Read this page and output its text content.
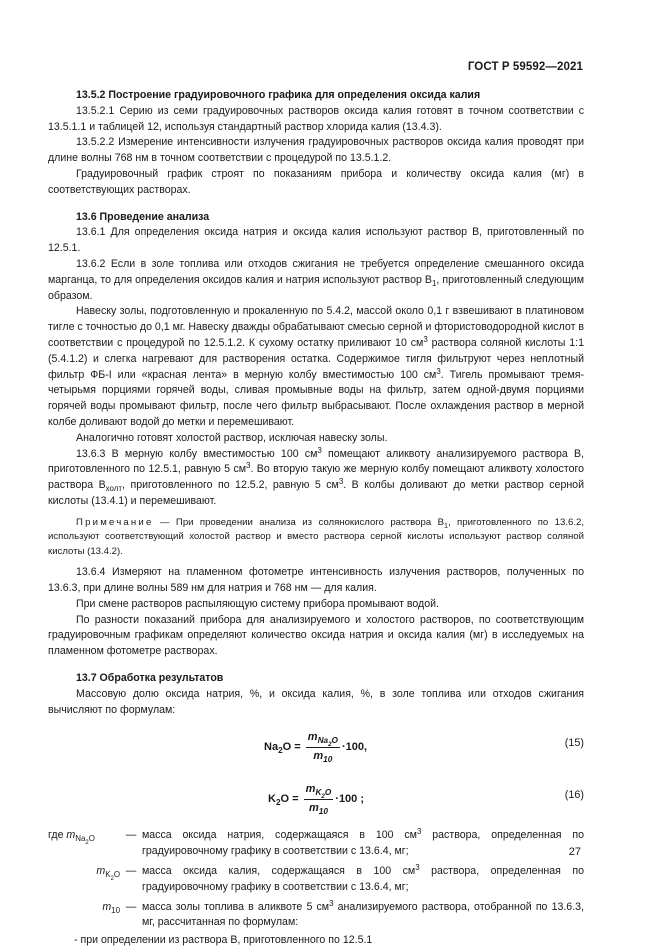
ГОСТ Р 59592—2021

13.5.2 Построение градуировочного графика для определения оксида калия

13.5.2.1 Серию из семи градуировочных растворов оксида калия готовят в точном соответствии с 13.5.1.1 и таблицей 12, используя стандартный раствор хлорида калия (13.4.3).

13.5.2.2 Измерение интенсивности излучения градуировочных растворов оксида калия проводят при длине волны 768 нм в точном соответствии с процедурой по 13.5.1.2.

Градуировочный график строят по показаниям прибора и количеству оксида калия (мг) в соответствующих растворах.

13.6 Проведение анализа

13.6.1 Для определения оксида натрия и оксида калия используют раствор В, приготовленный по 12.5.1.

13.6.2 Если в золе топлива или отходов сжигания не требуется определение смешанного оксида марганца, то для определения оксидов калия и натрия используют раствор $В_1$, приготовленный следующим образом.

Навеску золы, подготовленную и прокаленную по 5.4.2, массой около 0,1 г взвешивают в платиновом тигле с точностью до 0,1 мг. Навеску дважды обрабатывают смесью серной и фтористоводородной кислот в соответствии с процедурой по 12.5.1.2. К сухому остатку приливают 10 $см^3$ раствора соляной кислоты 1:1 (5.4.1.2) и слегка нагревают для растворения остатка. Содержимое тигля фильтруют через неплотный фильтр ФБ-I или «красная лента» в мерную колбу вместимостью 100 $см^3$. Тигель промывают тремя-четырьмя порциями горячей воды, сливая промывные воды на фильтр, затем одной-двумя порциями горячей воды промывают фильтр, после чего фильтр выбрасывают. После охлаждения раствор в мерной колбе доливают водой до метки и перемешивают.

Аналогично готовят холостой раствор, исключая навеску золы.

13.6.3 В мерную колбу вместимостью 100 $см^3$ помещают аликвоту анализируемого раствора В, приготовленного по 12.5.1, равную 5 $см^3$. Во вторую такую же мерную колбу помещают аликвоту холостого раствора $В_{холт}$, приготовленного по 12.5.2, равную 5 $см^3$. В колбы доливают до метки раствор серной кислоты (13.4.1) и перемешивают.

Примечание — При проведении анализа из солянокислого раствора $В_1$, приготовленного по 13.6.2, используют соответствующий холостой раствор и вместо раствора серной кислоты используют раствор соляной кислоты (13.4.2).

13.6.4 Измеряют на пламенном фотометре интенсивность излучения растворов, полученных по 13.6.3, при длине волны 589 нм для натрия и 768 нм — для калия.

При смене растворов распыляющую систему прибора промывают водой.

По разности показаний прибора для анализируемого и холостого растворов, по соответствующим градуировочным графикам определяют количество оксида натрия и оксида калия (мг) в исследуемых на пламенном фотометре растворах.

13.7 Обработка результатов

Массовую долю оксида натрия, %, и оксида калия, %, в золе топлива или отходов сжигания вычисляют по формулам:

$Na_2O = \frac{m_{Na_2O}}{m_{10}} \cdot 100$,	(15)
$K_2O = \frac{m_{K_2O}}{m_{10}} \cdot 100$ ;	(16)
где $m_{Na_2O}$	— масса оксида натрия, содержащаяся в 100 $см^3$ раствора, определенная по градуировочному графику в соответствии с 13.6.4, мг;
$m_{K_2O}$ — масса оксида калия, содержащаяся в 100 $см^3$ раствора, определенная по градуировочному графику в соответствии с 13.6.4, мг;
$m_{10}$ — масса золы топлива в аликвоте 5 $см^3$ анализируемого раствора, отобранной по 13.6.3, мг, рассчитанная по формулам:

- при определении из раствора В, приготовленного по 12.5.1

27
